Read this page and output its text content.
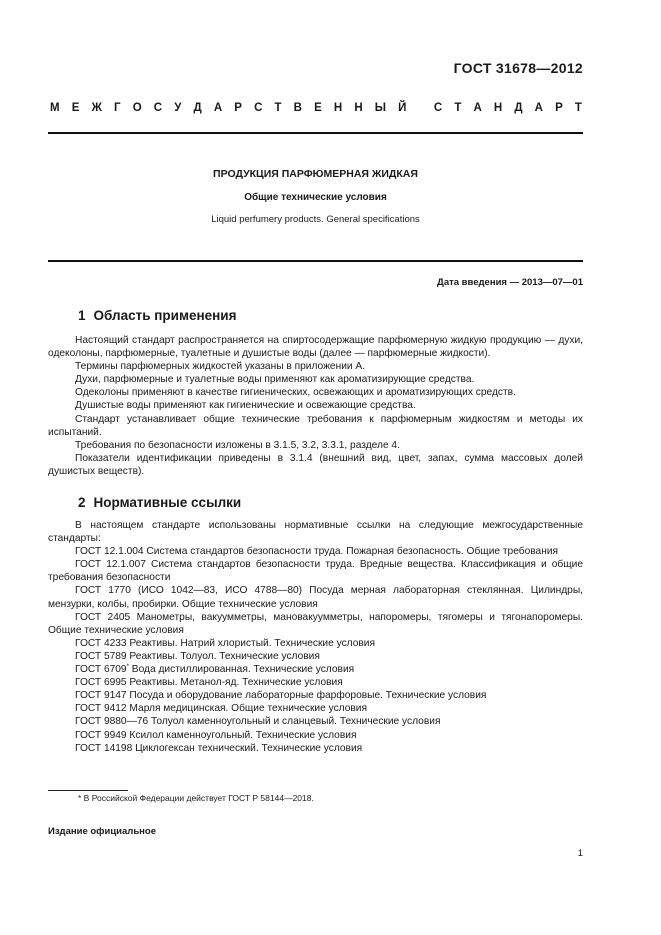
ГОСТ 31678—2012
М Е Ж Г О С У Д А Р С Т В Е Н Н Ы Й
С Т А Н Д А Р Т
ПРОДУКЦИЯ ПАРФЮМЕРНАЯ ЖИДКАЯ
Общие технические условия
Liquid perfumery products. General specifications
Дата введения — 2013—07—01
1 Область применения

Настоящий стандарт распространяется на спиртосодержащие парфюмерную жидкую продукцию — духи, одеколоны, парфюмерные, туалетные и душистые воды (далее — парфюмерные жидкости).

Термины парфюмерных жидкостей указаны в приложении А.

Духи, парфюмерные и туалетные воды применяют как ароматизирующие средства.

Одеколоны применяют в качестве гигиенических, освежающих и ароматизирующих средств.

Душистые воды применяют как гигиенические и освежающие средства.

Стандарт устанавливает общие технические требования к парфюмерным жидкостям и методы их испытаний.

Требования по безопасности изложены в 3.1.5, 3.2, 3.3.1, разделе 4.

Показатели идентификации приведены в 3.1.4 (внешний вид, цвет, запах, сумма массовых долей душистых веществ).

2 Нормативные ссылки

В настоящем стандарте использованы нормативные ссылки на следующие межгосударственные стандарты:

ГОСТ 12.1.004 Система стандартов безопасности труда. Пожарная безопасность. Общие требования

ГОСТ 12.1.007 Система стандартов безопасности труда. Вредные вещества. Классификация и общие требования безопасности

ГОСТ 1770 (ИСО 1042—83, ИСО 4788—80) Посуда мерная лабораторная стеклянная. Цилиндры, мензурки, колбы, пробирки. Общие технические условия

ГОСТ 2405 Манометры, вакуумметры, мановакуумметры, напоромеры, тягомеры и тягонапоромеры. Общие технические условия

ГОСТ 4233 Реактивы. Натрий хлористый. Технические условия

ГОСТ 5789 Реактивы. Толуол. Технические условия

ГОСТ 6709* Вода дистиллированная. Технические условия

ГОСТ 6995 Реактивы. Метанол-яд. Технические условия

ГОСТ 9147 Посуда и оборудование лабораторные фарфоровые. Технические условия

ГОСТ 9412 Марля медицинская. Общие технические условия

ГОСТ 9880—76 Толуол каменноугольный и сланцевый. Технические условия

ГОСТ 9949 Ксилол каменноугольный. Технические условия

ГОСТ 14198 Циклогексан технический. Технические условия

* В Российской Федерации действует ГОСТ Р 58144—2018.
Издание официальное
1
